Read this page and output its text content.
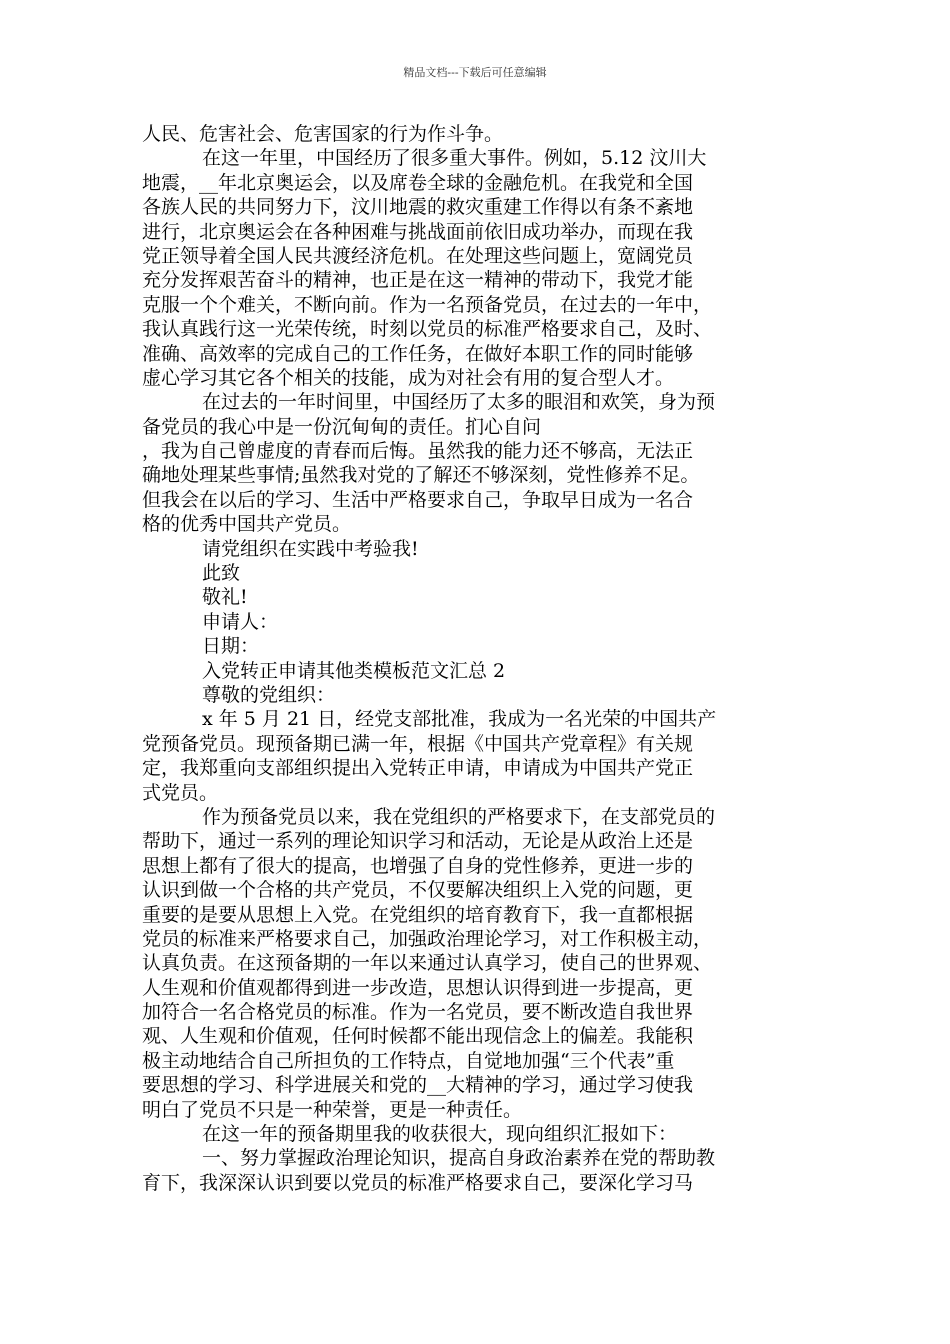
精品文档---下载后可任意编辑
人民、危害社会、危害国家的行为作斗争。
在这一年里，中国经历了很多重大事件。例如，5.12 汶川大
地震，__年北京奥运会，以及席卷全球的金融危机。在我党和全国
各族人民的共同努力下，汶川地震的救灾重建工作得以有条不紊地
进行，北京奥运会在各种困难与挑战面前依旧成功举办，而现在我
党正领导着全国人民共渡经济危机。在处理这些问题上，宽阔党员
充分发挥艰苦奋斗的精神，也正是在这一精神的带动下，我党才能
克服一个个难关，不断向前。作为一名预备党员，在过去的一年中，
我认真践行这一光荣传统，时刻以党员的标准严格要求自己，及时、
准确、高效率的完成自己的工作任务，在做好本职工作的同时能够
虚心学习其它各个相关的技能，成为对社会有用的复合型人才。
在过去的一年时间里，中国经历了太多的眼泪和欢笑，身为预
备党员的我心中是一份沉甸甸的责任。扪心自问
，我为自己曾虚度的青春而后悔。虽然我的能力还不够高，无法正
确地处理某些事情;虽然我对党的了解还不够深刻，党性修养不足。
但我会在以后的学习、生活中严格要求自己，争取早日成为一名合
格的优秀中国共产党员。
请党组织在实践中考验我!
此致
敬礼!
申请人：
日期：
入党转正申请其他类模板范文汇总 2
尊敬的党组织：
x 年 5 月 21 日，经党支部批准，我成为一名光荣的中国共产
党预备党员。现预备期已满一年，根据《中国共产党章程》有关规
定，我郑重向支部组织提出入党转正申请，申请成为中国共产党正
式党员。
作为预备党员以来，我在党组织的严格要求下，在支部党员的
帮助下，通过一系列的理论知识学习和活动，无论是从政治上还是
思想上都有了很大的提高，也增强了自身的党性修养，更进一步的
认识到做一个合格的共产党员，不仅要解决组织上入党的问题，更
重要的是要从思想上入党。在党组织的培育教育下，我一直都根据
党员的标准来严格要求自己，加强政治理论学习，对工作积极主动，
认真负责。在这预备期的一年以来通过认真学习，使自己的世界观、
人生观和价值观都得到进一步改造，思想认识得到进一步提高，更
加符合一名合格党员的标准。作为一名党员，要不断改造自我世界
观、人生观和价值观，任何时候都不能出现信念上的偏差。我能积
极主动地结合自己所担负的工作特点，自觉地加强“三个代表”重
要思想的学习、科学进展关和党的__大精神的学习，通过学习使我
明白了党员不只是一种荣誉，更是一种责任。
在这一年的预备期里我的收获很大，现向组织汇报如下：
一、努力掌握政治理论知识，提高自身政治素养在党的帮助教
育下，我深深认识到要以党员的标准严格要求自己，要深化学习马
